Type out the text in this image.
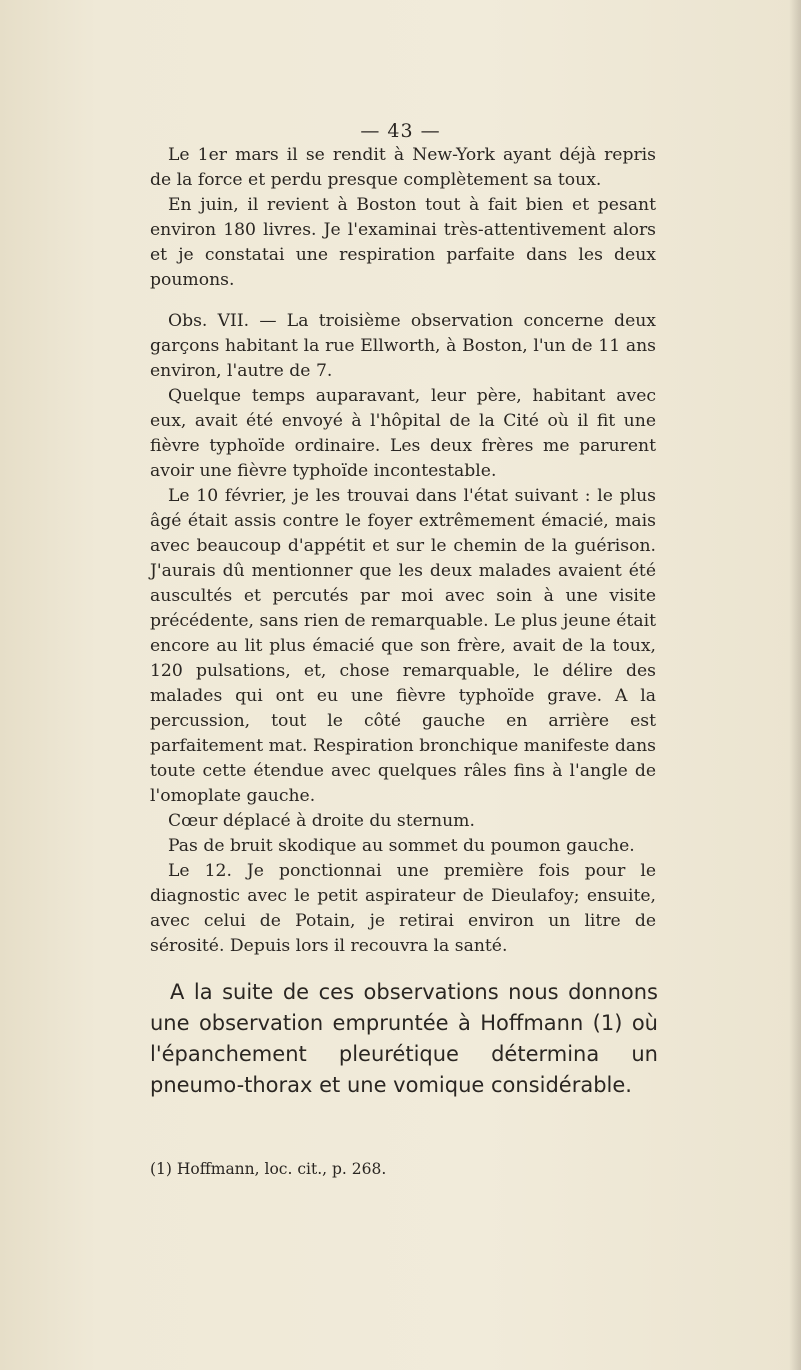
— 43 —

Le 1er mars il se rendit à New-York ayant déjà repris de la force et perdu presque complètement sa toux.

En juin, il revient à Boston tout à fait bien et pesant environ 180 livres. Je l'examinai très-attentivement alors et je constatai une respiration parfaite dans les deux poumons.

Obs. VII. — La troisième observation concerne deux garçons habitant la rue Ellworth, à Boston, l'un de 11 ans environ, l'autre de 7.

Quelque temps auparavant, leur père, habitant avec eux, avait été envoyé à l'hôpital de la Cité où il fit une fièvre typhoïde ordinaire. Les deux frères me parurent avoir une fièvre typhoïde incontestable.

Le 10 février, je les trouvai dans l'état suivant : le plus âgé était assis contre le foyer extrêmement émacié, mais avec beaucoup d'appétit et sur le chemin de la guérison. J'aurais dû mentionner que les deux malades avaient été auscultés et percutés par moi avec soin à une visite précédente, sans rien de remarquable. Le plus jeune était encore au lit plus émacié que son frère, avait de la toux, 120 pulsations, et, chose remarquable, le délire des malades qui ont eu une fièvre typhoïde grave. A la percussion, tout le côté gauche en arrière est parfaitement mat. Respiration bronchique manifeste dans toute cette étendue avec quelques râles fins à l'angle de l'omoplate gauche.

Cœur déplacé à droite du sternum.

Pas de bruit skodique au sommet du poumon gauche.

Le 12. Je ponctionnai une première fois pour le diagnostic avec le petit aspirateur de Dieulafoy; ensuite, avec celui de Potain, je retirai environ un litre de sérosité. Depuis lors il recouvra la santé.

A la suite de ces observations nous donnons une observation empruntée à Hoffmann (1) où l'épanchement pleurétique détermina un pneumo-thorax et une vomique considérable.

(1) Hoffmann, loc. cit., p. 268.
